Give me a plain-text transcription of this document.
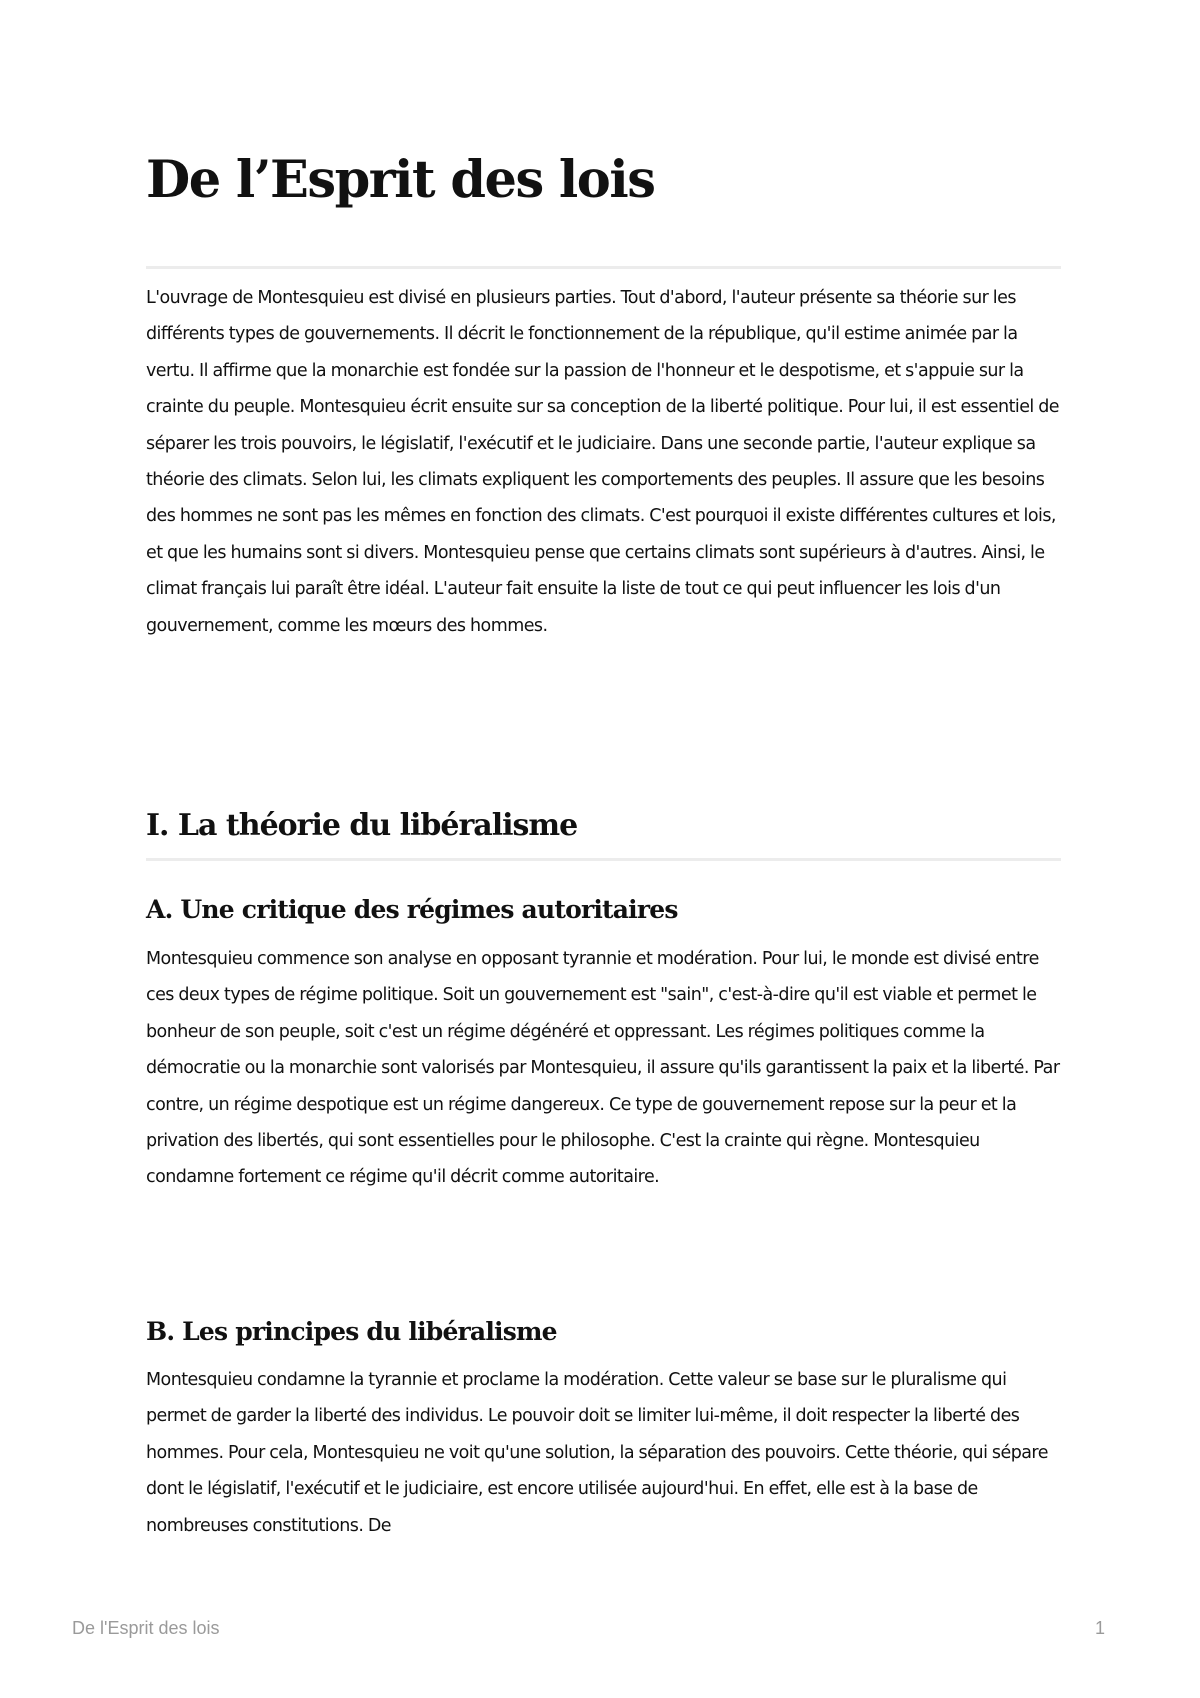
De l’Esprit des lois

L'ouvrage de Montesquieu est divisé en plusieurs parties. Tout d'abord, l'auteur présente sa théorie sur les différents types de gouvernements. Il décrit le fonctionnement de la république, qu'il estime animée par la vertu. Il affirme que la monarchie est fondée sur la passion de l'honneur et le despotisme, et s'appuie sur la crainte du peuple. Montesquieu écrit ensuite sur sa conception de la liberté politique. Pour lui, il est essentiel de séparer les trois pouvoirs, le législatif, l'exécutif et le judiciaire. Dans une seconde partie, l'auteur explique sa théorie des climats. Selon lui, les climats expliquent les comportements des peuples. Il assure que les besoins des hommes ne sont pas les mêmes en fonction des climats. C'est pourquoi il existe différentes cultures et lois, et que les humains sont si divers. Montesquieu pense que certains climats sont supérieurs à d'autres. Ainsi, le climat français lui paraît être idéal. L'auteur fait ensuite la liste de tout ce qui peut influencer les lois d'un gouvernement, comme les mœurs des hommes.

I. La théorie du libéralisme
A. Une critique des régimes autoritaires

Montesquieu commence son analyse en opposant tyrannie et modération. Pour lui, le monde est divisé entre ces deux types de régime politique. Soit un gouvernement est "sain", c'est-à-dire qu'il est viable et permet le bonheur de son peuple, soit c'est un régime dégénéré et oppressant. Les régimes politiques comme la démocratie ou la monarchie sont valorisés par Montesquieu, il assure qu'ils garantissent la paix et la liberté. Par contre, un régime despotique est un régime dangereux. Ce type de gouvernement repose sur la peur et la privation des libertés, qui sont essentielles pour le philosophe. C'est la crainte qui règne. Montesquieu condamne fortement ce régime qu'il décrit comme autoritaire.

B. Les principes du libéralisme

Montesquieu condamne la tyrannie et proclame la modération. Cette valeur se base sur le pluralisme qui permet de garder la liberté des individus. Le pouvoir doit se limiter lui-même, il doit respecter la liberté des hommes. Pour cela, Montesquieu ne voit qu'une solution, la séparation des pouvoirs. Cette théorie, qui sépare dont le législatif, l'exécutif et le judiciaire, est encore utilisée aujourd'hui. En effet, elle est à la base de nombreuses constitutions. De

De l'Esprit des lois	1
